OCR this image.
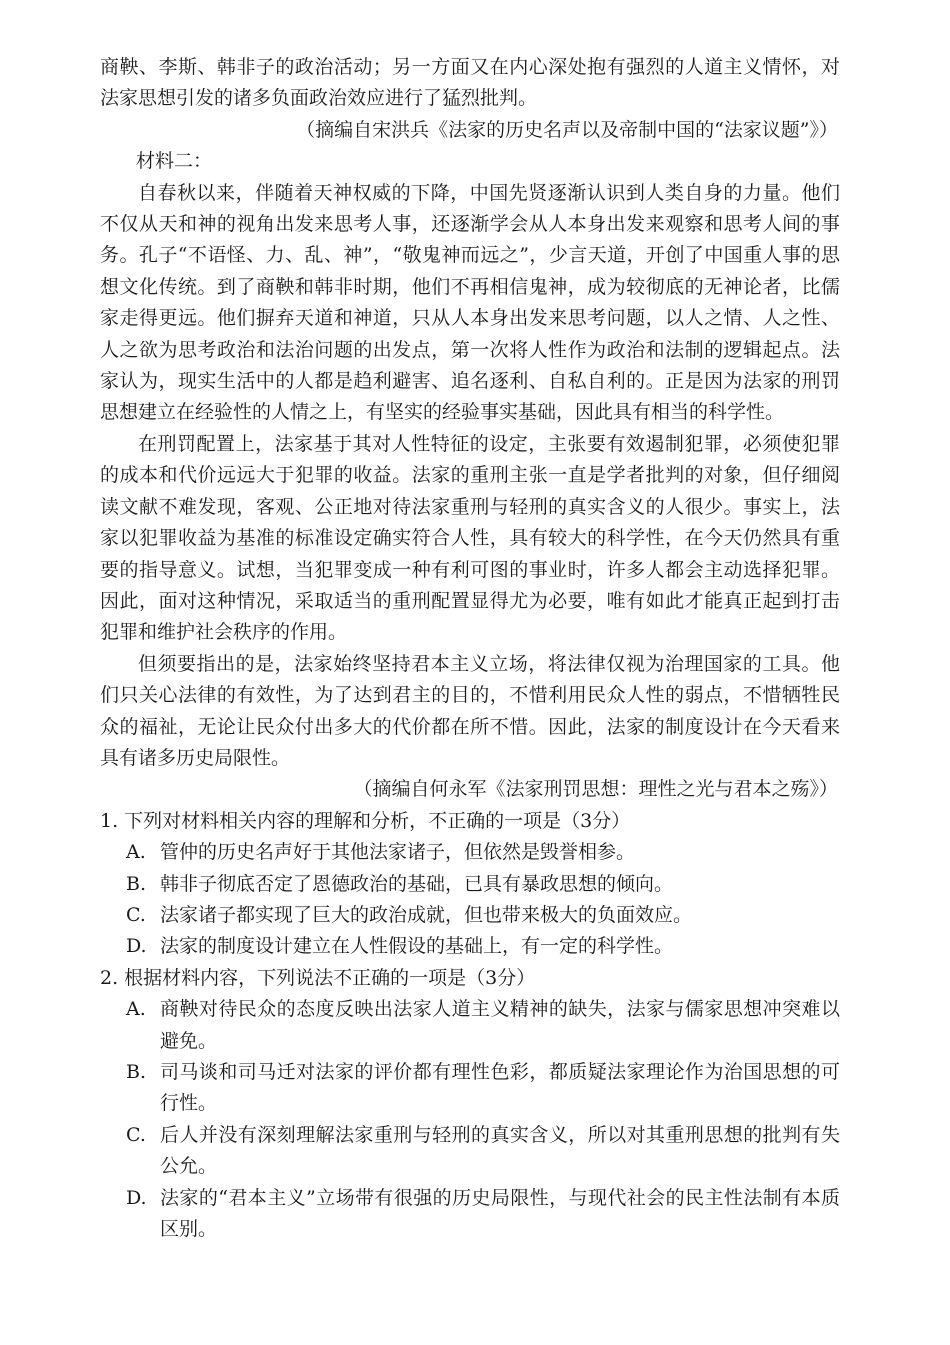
商鞅、李斯、韩非子的政治活动；另一方面又在内心深处抱有强烈的人道主义情怀，对法家思想引发的诸多负面政治效应进行了猛烈批判。

（摘编自宋洪兵《法家的历史名声以及帝制中国的“法家议题”》）

材料二：

自春秋以来，伴随着天神权威的下降，中国先贤逐渐认识到人类自身的力量。他们不仅从天和神的视角出发来思考人事，还逐渐学会从人本身出发来观察和思考人间的事务。孔子“不语怪、力、乱、神”，“敬鬼神而远之”，少言天道，开创了中国重人事的思想文化传统。到了商鞅和韩非时期，他们不再相信鬼神，成为较彻底的无神论者，比儒家走得更远。他们摒弃天道和神道，只从人本身出发来思考问题，以人之情、人之性、人之欲为思考政治和法治问题的出发点，第一次将人性作为政治和法制的逻辑起点。法家认为，现实生活中的人都是趋利避害、追名逐利、自私自利的。正是因为法家的刑罚思想建立在经验性的人情之上，有坚实的经验事实基础，因此具有相当的科学性。

在刑罚配置上，法家基于其对人性特征的设定，主张要有效遏制犯罪，必须使犯罪的成本和代价远远大于犯罪的收益。法家的重刑主张一直是学者批判的对象，但仔细阅读文献不难发现，客观、公正地对待法家重刑与轻刑的真实含义的人很少。事实上，法家以犯罪收益为基准的标准设定确实符合人性，具有较大的科学性，在今天仍然具有重要的指导意义。试想，当犯罪变成一种有利可图的事业时，许多人都会主动选择犯罪。因此，面对这种情况，采取适当的重刑配置显得尤为必要，唯有如此才能真正起到打击犯罪和维护社会秩序的作用。

但须要指出的是，法家始终坚持君本主义立场，将法律仅视为治理国家的工具。他们只关心法律的有效性，为了达到君主的目的，不惜利用民众人性的弱点，不惜牺牲民众的福祉，无论让民众付出多大的代价都在所不惜。因此，法家的制度设计在今天看来具有诸多历史局限性。

（摘编自何永军《法家刑罚思想：理性之光与君本之殇》）

1. 下列对材料相关内容的理解和分析，不正确的一项是（3分）

A. 管仲的历史名声好于其他法家诸子，但依然是毁誉相参。
B. 韩非子彻底否定了恩德政治的基础，已具有暴政思想的倾向。
C. 法家诸子都实现了巨大的政治成就，但也带来极大的负面效应。
D. 法家的制度设计建立在人性假设的基础上，有一定的科学性。

2. 根据材料内容，下列说法不正确的一项是（3分）

A. 商鞅对待民众的态度反映出法家人道主义精神的缺失，法家与儒家思想冲突难以避免。
B. 司马谈和司马迁对法家的评价都有理性色彩，都质疑法家理论作为治国思想的可行性。
C. 后人并没有深刻理解法家重刑与轻刑的真实含义，所以对其重刑思想的批判有失公允。
D. 法家的“君本主义”立场带有很强的历史局限性，与现代社会的民主性法制有本质区别。
